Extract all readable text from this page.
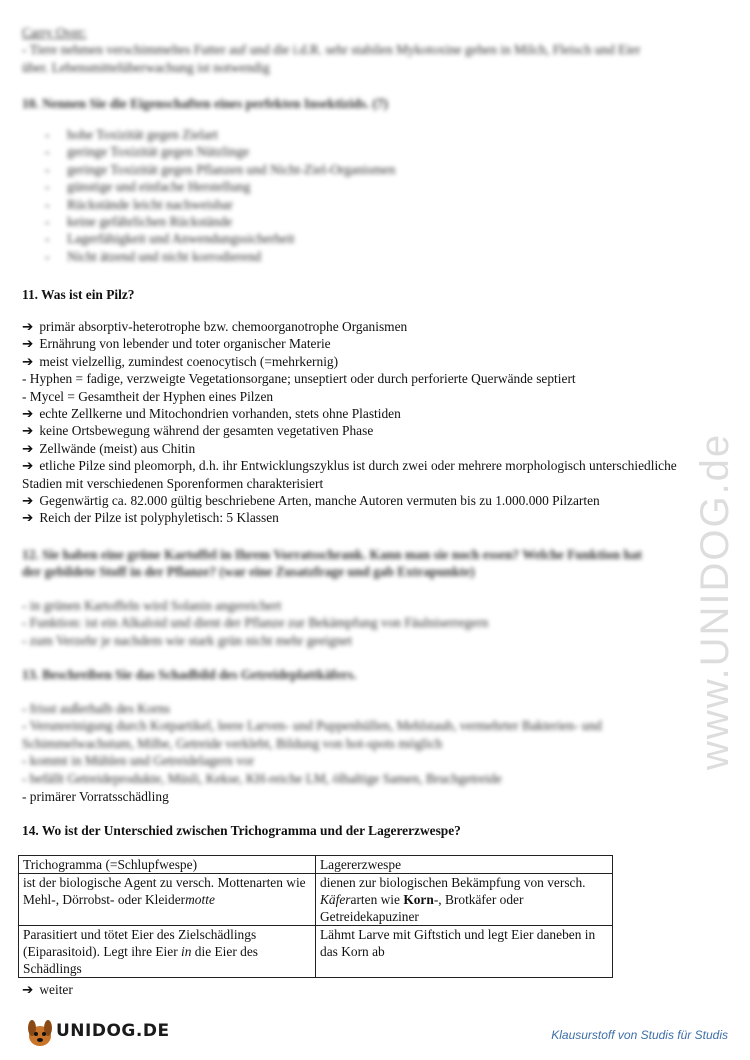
www.UNIDOG.de
Carry Over:
- Tiere nehmen verschimmeltes Futter auf und die i.d.R. sehr stabilen Mykotoxine gehen in Milch, Fleisch und Eier
über. Lebensmittelüberwachung ist notwendig
10. Nennen Sie die Eigenschaften eines perfekten Insektizids. (7)
- hohe Toxizität gegen Zielart
- geringe Toxizität gegen Nützlinge
- geringe Toxizität gegen Pflanzen und Nicht-Ziel-Organismen
- günstige und einfache Herstellung
- Rückstände leicht nachweisbar
- keine gefährlichen Rückstände
- Lagerfähigkeit und Anwendungssicherheit
- Nicht ätzend und nicht korrodierend
11. Was ist ein Pilz?
➔ primär absorptiv-heterotrophe bzw. chemoorganotrophe Organismen
➔ Ernährung von lebender und toter organischer Materie
➔ meist vielzellig, zumindest coenocytisch (=mehrkernig)
- Hyphen = fadige, verzweigte Vegetationsorgane; unseptiert oder durch perforierte Querwände septiert
- Mycel = Gesamtheit der Hyphen eines Pilzen
➔ echte Zellkerne und Mitochondrien vorhanden, stets ohne Plastiden
➔ keine Ortsbewegung während der gesamten vegetativen Phase
➔ Zellwände (meist) aus Chitin
➔ etliche Pilze sind pleomorph, d.h. ihr Entwicklungszyklus ist durch zwei oder mehrere morphologisch unterschiedliche Stadien mit verschiedenen Sporenformen charakterisiert
➔ Gegenwärtig ca. 82.000 gültig beschriebene Arten, manche Autoren vermuten bis zu 1.000.000 Pilzarten
➔ Reich der Pilze ist polyphyletisch: 5 Klassen
12. Sie haben eine grüne Kartoffel in Ihrem Vorratsschrank. Kann man sie noch essen? Welche Funktion hat
der gebildete Stoff in der Pflanze? (war eine Zusatzfrage und gab Extrapunkte)
- in grünen Kartoffeln wird Solanin angereichert
- Funktion: ist ein Alkaloid und dient der Pflanze zur Bekämpfung von Fäulniserregern
- zum Verzehr je nachdem wie stark grün nicht mehr geeignet
13. Beschreiben Sie das Schadbild des Getreideplattkäfers.
- frisst außerhalb des Korns
- Verunreinigung durch Kotpartikel, leere Larven- und Puppenhüllen, Mehlstaub, vermehrter Bakterien- und
Schimmelwachstum, Milbe, Getreide verklebt, Bildung von hot-spots möglich
- kommt in Mühlen und Getreidelagern vor
- befällt Getreideprodukte, Müsli, Kekse, KH-reiche LM, ölhaltige Samen, Bruchgetreide
- primärer Vorratsschädling
14. Wo ist der Unterschied zwischen Trichogramma und der Lagererzwespe?
Trichogramma (=Schlupfwespe)	Lagererzwespe
ist der biologische Agent zu versch. Mottenarten wie Mehl-, Dörrobst- oder Kleidermotte	dienen zur biologischen Bekämpfung von versch. Käferarten wie Korn-, Brotkäfer oder Getreidekapuziner
Parasitiert und tötet Eier des Zielschädlings (Eiparasitoid). Legt ihre Eier in die Eier des Schädlings	Lähmt Larve mit Giftstich und legt Eier daneben in das Korn ab
➔ weiter
UNIDOG.DE	Klausurstoff von Studis für Studis
